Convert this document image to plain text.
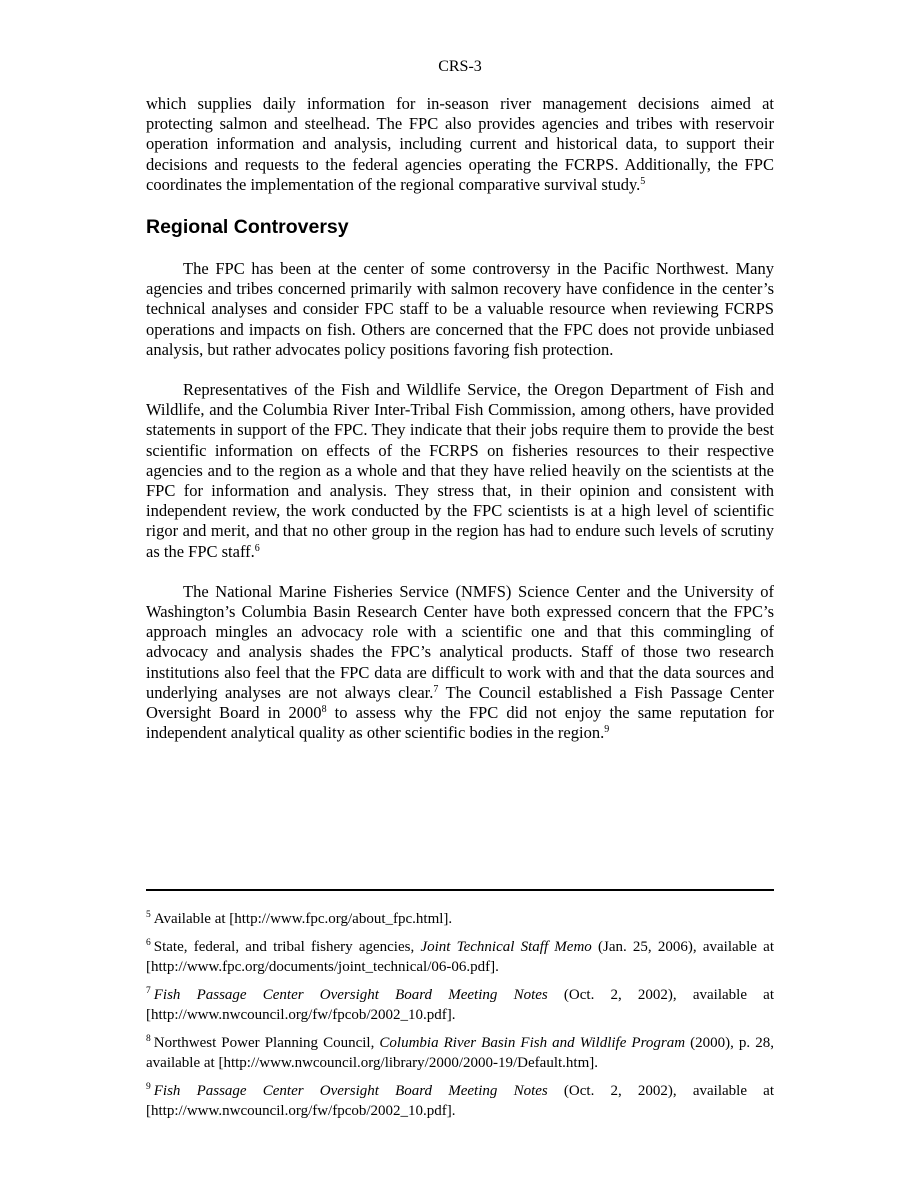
CRS-3

which supplies daily information for in-season river management decisions aimed at protecting salmon and steelhead. The FPC also provides agencies and tribes with reservoir operation information and analysis, including current and historical data, to support their decisions and requests to the federal agencies operating the FCRPS. Additionally, the FPC coordinates the implementation of the regional comparative survival study.$^5$

Regional Controversy

The FPC has been at the center of some controversy in the Pacific Northwest. Many agencies and tribes concerned primarily with salmon recovery have confidence in the center’s technical analyses and consider FPC staff to be a valuable resource when reviewing FCRPS operations and impacts on fish. Others are concerned that the FPC does not provide unbiased analysis, but rather advocates policy positions favoring fish protection.

Representatives of the Fish and Wildlife Service, the Oregon Department of Fish and Wildlife, and the Columbia River Inter-Tribal Fish Commission, among others, have provided statements in support of the FPC. They indicate that their jobs require them to provide the best scientific information on effects of the FCRPS on fisheries resources to their respective agencies and to the region as a whole and that they have relied heavily on the scientists at the FPC for information and analysis. They stress that, in their opinion and consistent with independent review, the work conducted by the FPC scientists is at a high level of scientific rigor and merit, and that no other group in the region has had to endure such levels of scrutiny as the FPC staff.$^6$

The National Marine Fisheries Service (NMFS) Science Center and the University of Washington’s Columbia Basin Research Center have both expressed concern that the FPC’s approach mingles an advocacy role with a scientific one and that this commingling of advocacy and analysis shades the FPC’s analytical products. Staff of those two research institutions also feel that the FPC data are difficult to work with and that the data sources and underlying analyses are not always clear.$^7$ The Council established a Fish Passage Center Oversight Board in 2000$^8$ to assess why the FPC did not enjoy the same reputation for independent analytical quality as other scientific bodies in the region.$^9$

$^5$ Available at [http://www.fpc.org/about_fpc.html].

$^6$ State, federal, and tribal fishery agencies, Joint Technical Staff Memo (Jan. 25, 2006), available at [http://www.fpc.org/documents/joint_technical/06-06.pdf].

$^7$ Fish Passage Center Oversight Board Meeting Notes (Oct. 2, 2002), available at [http://www.nwcouncil.org/fw/fpcob/2002_10.pdf].

$^8$ Northwest Power Planning Council, Columbia River Basin Fish and Wildlife Program (2000), p. 28, available at [http://www.nwcouncil.org/library/2000/2000-19/Default.htm].

$^9$ Fish Passage Center Oversight Board Meeting Notes (Oct. 2, 2002), available at [http://www.nwcouncil.org/fw/fpcob/2002_10.pdf].
